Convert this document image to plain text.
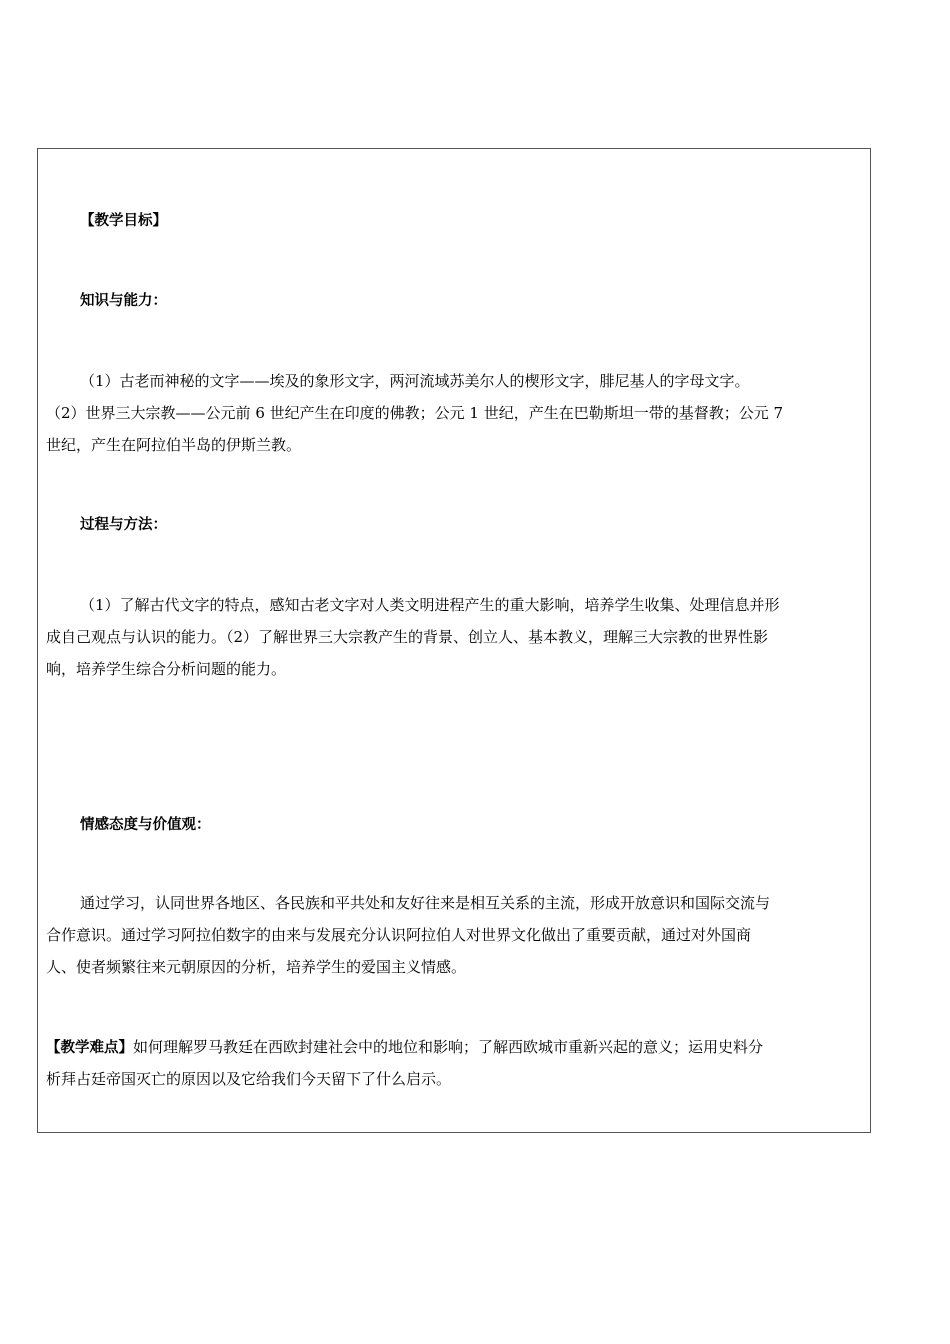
【教学目标】
知识与能力：
（1）古老而神秘的文字——埃及的象形文字，两河流域苏美尔人的楔形文字，腓尼基人的字母文字。
（2）世界三大宗教——公元前 6 世纪产生在印度的佛教；公元 1 世纪，产生在巴勒斯坦一带的基督教；公元 7
世纪，产生在阿拉伯半岛的伊斯兰教。
过程与方法：
（1）了解古代文字的特点，感知古老文字对人类文明进程产生的重大影响，培养学生收集、处理信息并形
成自己观点与认识的能力。（2）了解世界三大宗教产生的背景、创立人、基本教义，理解三大宗教的世界性影
响，培养学生综合分析问题的能力。
情感态度与价值观：
通过学习，认同世界各地区、各民族和平共处和友好往来是相互关系的主流，形成开放意识和国际交流与
合作意识。通过学习阿拉伯数字的由来与发展充分认识阿拉伯人对世界文化做出了重要贡献，通过对外国商
人、使者频繁往来元朝原因的分析，培养学生的爱国主义情感。
【教学难点】如何理解罗马教廷在西欧封建社会中的地位和影响；了解西欧城市重新兴起的意义；运用史料分
析拜占廷帝国灭亡的原因以及它给我们今天留下了什么启示。
